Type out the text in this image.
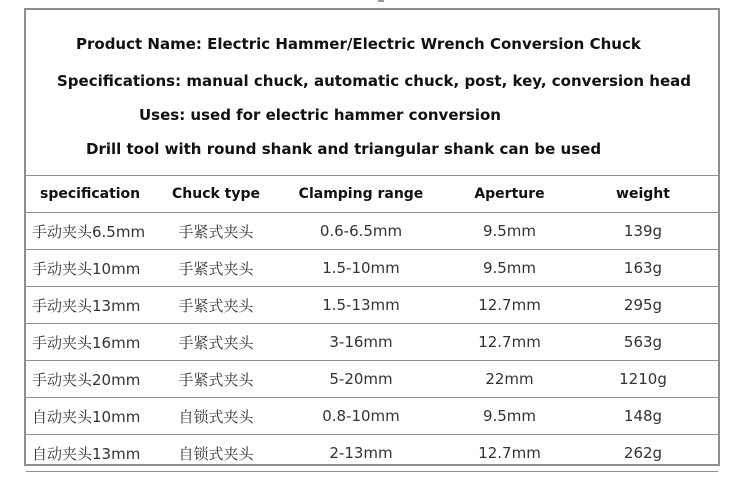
Product Name: Electric Hammer/Electric Wrench Conversion Chuck
Specifications: manual chuck, automatic chuck, post, key, conversion head
Uses: used for electric hammer conversion
Drill tool with round shank and triangular shank can be used
specification	Chuck type	Clamping range	Aperture	weight
手动夹头6.5mm	手紧式夹头	0.6-6.5mm	9.5mm	139g
手动夹头10mm	手紧式夹头	1.5-10mm	9.5mm	163g
手动夹头13mm	手紧式夹头	1.5-13mm	12.7mm	295g
手动夹头16mm	手紧式夹头	3-16mm	12.7mm	563g
手动夹头20mm	手紧式夹头	5-20mm	22mm	1210g
自动夹头10mm	自锁式夹头	0.8-10mm	9.5mm	148g
自动夹头13mm	自锁式夹头	2-13mm	12.7mm	262g
